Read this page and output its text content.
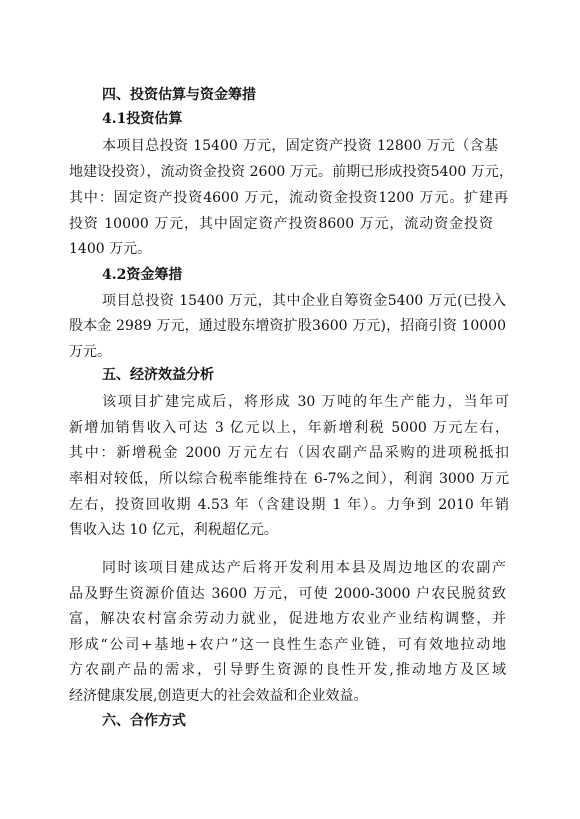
四、投资估算与资金筹措
4.1投资估算
本项目总投资 15400 万元，固定资产投资 12800 万元（含基
地建设投资），流动资金投资 2600 万元。前期已形成投资5400 万元，
其中：固定资产投资4600 万元，流动资金投资1200 万元。扩建再
投资 10000 万元，其中固定资产投资8600 万元，流动资金投资
1400 万元。
4.2资金筹措
项目总投资 15400 万元，其中企业自筹资金5400 万元(已投入
股本金 2989 万元，通过股东增资扩股3600 万元)，招商引资 10000
万元。
五、经济效益分析
该项目扩建完成后，将形成 30 万吨的年生产能力，当年可
新增加销售收入可达 3 亿元以上，年新增利税 5000 万元左右，
其中：新增税金 2000 万元左右（因农副产品采购的进项税抵扣
率相对较低，所以综合税率能维持在 6-7%之间），利润 3000 万元
左右，投资回收期 4.53 年（含建设期 1 年）。力争到 2010 年销
售收入达 10 亿元，利税超亿元。
同时该项目建成达产后将开发利用本县及周边地区的农副产
品及野生资源价值达 3600 万元，可使 2000-3000 户农民脱贫致
富，解决农村富余劳动力就业，促进地方农业产业结构调整，并
形成“公司+基地+农户”这一良性生态产业链，可有效地拉动地
方农副产品的需求，引导野生资源的良性开发,推动地方及区域
经济健康发展,创造更大的社会效益和企业效益。
六、合作方式
